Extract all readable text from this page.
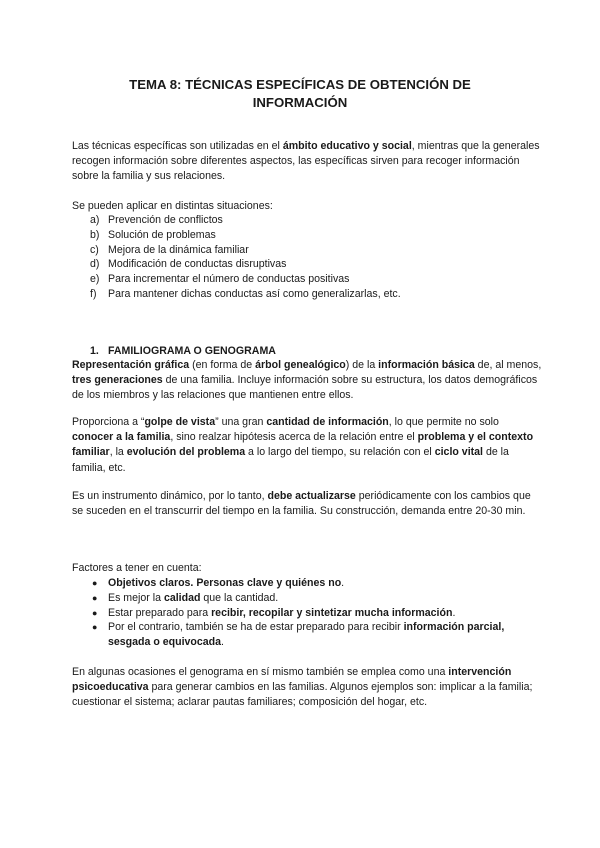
TEMA 8: TÉCNICAS ESPECÍFICAS DE OBTENCIÓN DE
INFORMACIÓN

Las técnicas específicas son utilizadas en el ámbito educativo y social, mientras que la generales recogen información sobre diferentes aspectos, las específicas sirven para recoger información sobre la familia y sus relaciones.

Se pueden aplicar en distintas situaciones:

a) Prevención de conflictos
b) Solución de problemas
c) Mejora de la dinámica familiar
d) Modificación de conductas disruptivas
e) Para incrementar el número de conductas positivas
f) Para mantener dichas conductas así como generalizarlas, etc.
1. FAMILIOGRAMA O GENOGRAMA

Representación gráfica (en forma de árbol genealógico) de la información básica de, al menos, tres generaciones de una familia. Incluye información sobre su estructura, los datos demográficos de los miembros y las relaciones que mantienen entre ellos.

Proporciona a “golpe de vista” una gran cantidad de información, lo que permite no solo conocer a la familia, sino realzar hipótesis acerca de la relación entre el problema y el contexto familiar, la evolución del problema a lo largo del tiempo, su relación con el ciclo vital de la familia, etc.

Es un instrumento dinámico, por lo tanto, debe actualizarse periódicamente con los cambios que se suceden en el transcurrir del tiempo en la familia. Su construcción, demanda entre 20-30 min.

Factores a tener en cuenta:

● Objetivos claros. Personas clave y quiénes no.
● Es mejor la calidad que la cantidad.
● Estar preparado para recibir, recopilar y sintetizar mucha información.
● Por el contrario, también se ha de estar preparado para recibir información parcial, sesgada o equivocada.

En algunas ocasiones el genograma en sí mismo también se emplea como una intervención psicoeducativa para generar cambios en las familias. Algunos ejemplos son: implicar a la familia; cuestionar el sistema; aclarar pautas familiares; composición del hogar, etc.
